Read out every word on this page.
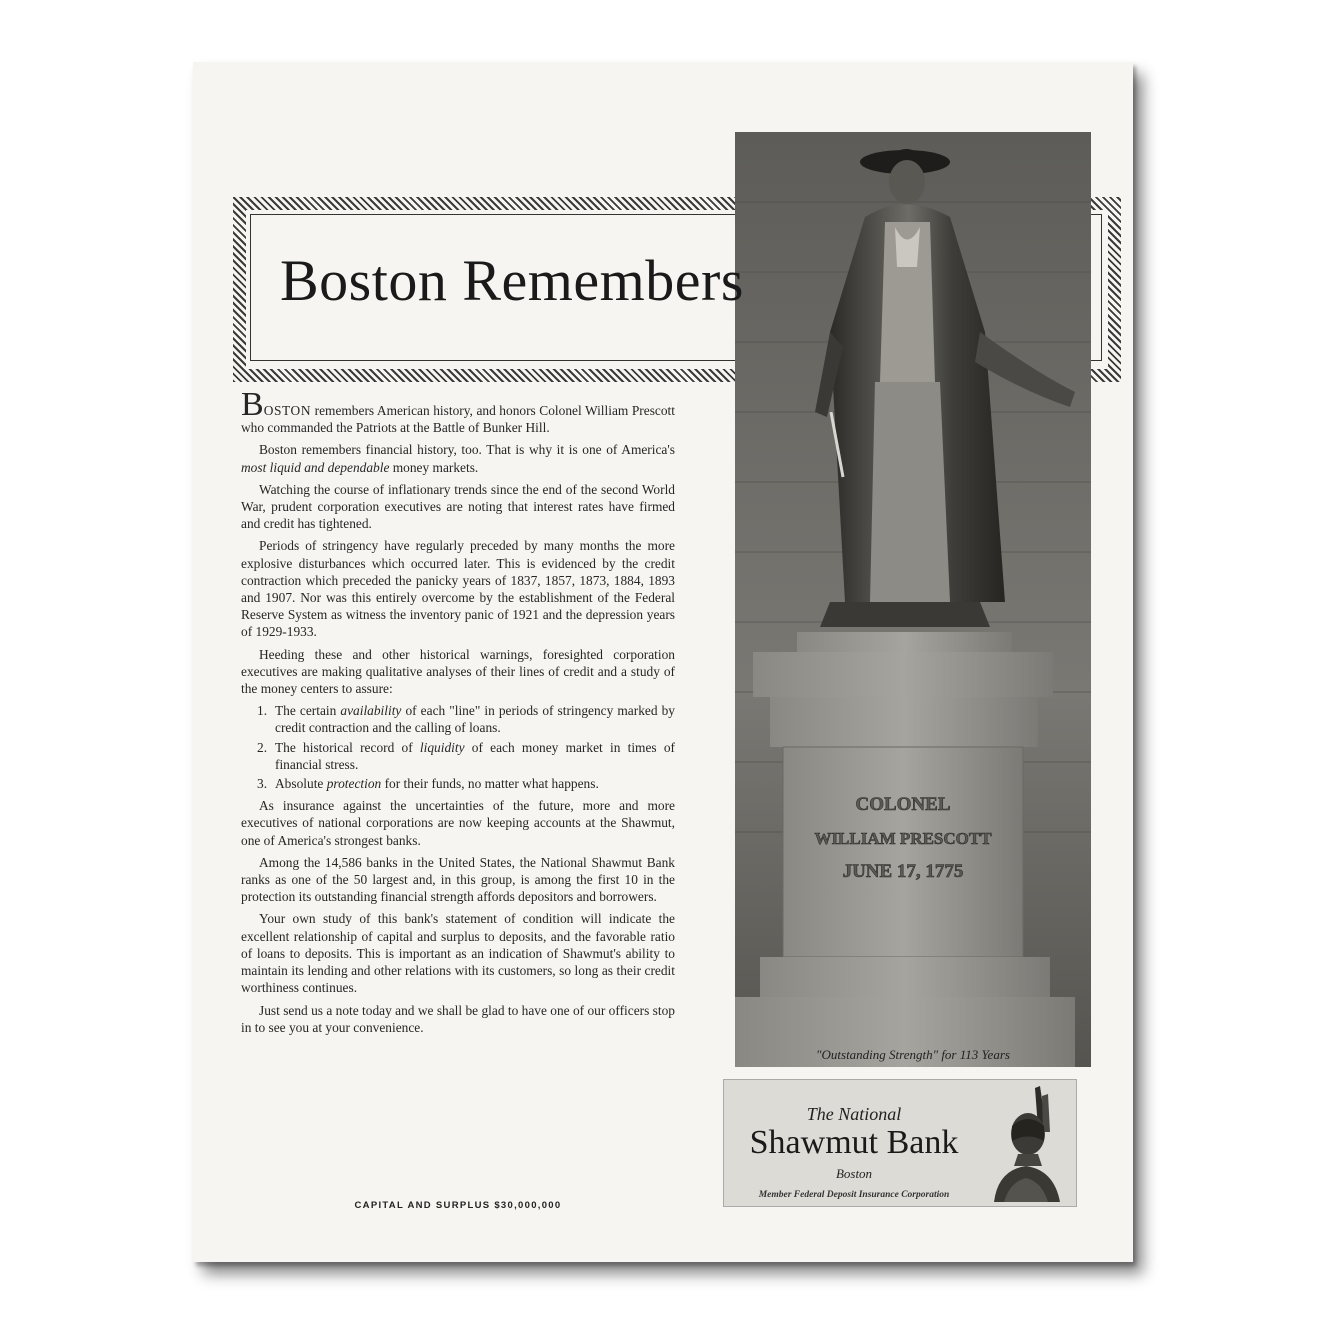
COLONEL
WILLIAM PRESCOTT
JUNE 17, 1775
Boston Remembers

"Outstanding Strength" for 113 Years

BOSTON remembers American history, and honors Colonel William Prescott who commanded the Patriots at the Battle of Bunker Hill.

Boston remembers financial history, too. That is why it is one of America's most liquid and dependable money markets.

Watching the course of inflationary trends since the end of the second World War, prudent corporation executives are noting that interest rates have firmed and credit has tightened.

Periods of stringency have regularly preceded by many months the more explosive disturbances which occurred later. This is evidenced by the credit contraction which preceded the panicky years of 1837, 1857, 1873, 1884, 1893 and 1907. Nor was this entirely overcome by the establishment of the Federal Reserve System as witness the inventory panic of 1921 and the depression years of 1929-1933.

Heeding these and other historical warnings, foresighted corporation executives are making qualitative analyses of their lines of credit and a study of the money centers to assure:

1. The certain availability of each "line" in periods of stringency marked by credit contraction and the calling of loans.
2. The historical record of liquidity of each money market in times of financial stress.
3. Absolute protection for their funds, no matter what happens.

As insurance against the uncertainties of the future, more and more executives of national corporations are now keeping accounts at the Shawmut, one of America's strongest banks.

Among the 14,586 banks in the United States, the National Shawmut Bank ranks as one of the 50 largest and, in this group, is among the first 10 in the protection its outstanding financial strength affords depositors and borrowers.

Your own study of this bank's statement of condition will indicate the excellent relationship of capital and surplus to deposits, and the favorable ratio of loans to deposits. This is important as an indication of Shawmut's ability to maintain its lending and other relations with its customers, so long as their credit worthiness continues.

Just send us a note today and we shall be glad to have one of our officers stop in to see you at your convenience.

CAPITAL AND SURPLUS $30,000,000

The National

Shawmut Bank

Boston

Member Federal Deposit Insurance Corporation
